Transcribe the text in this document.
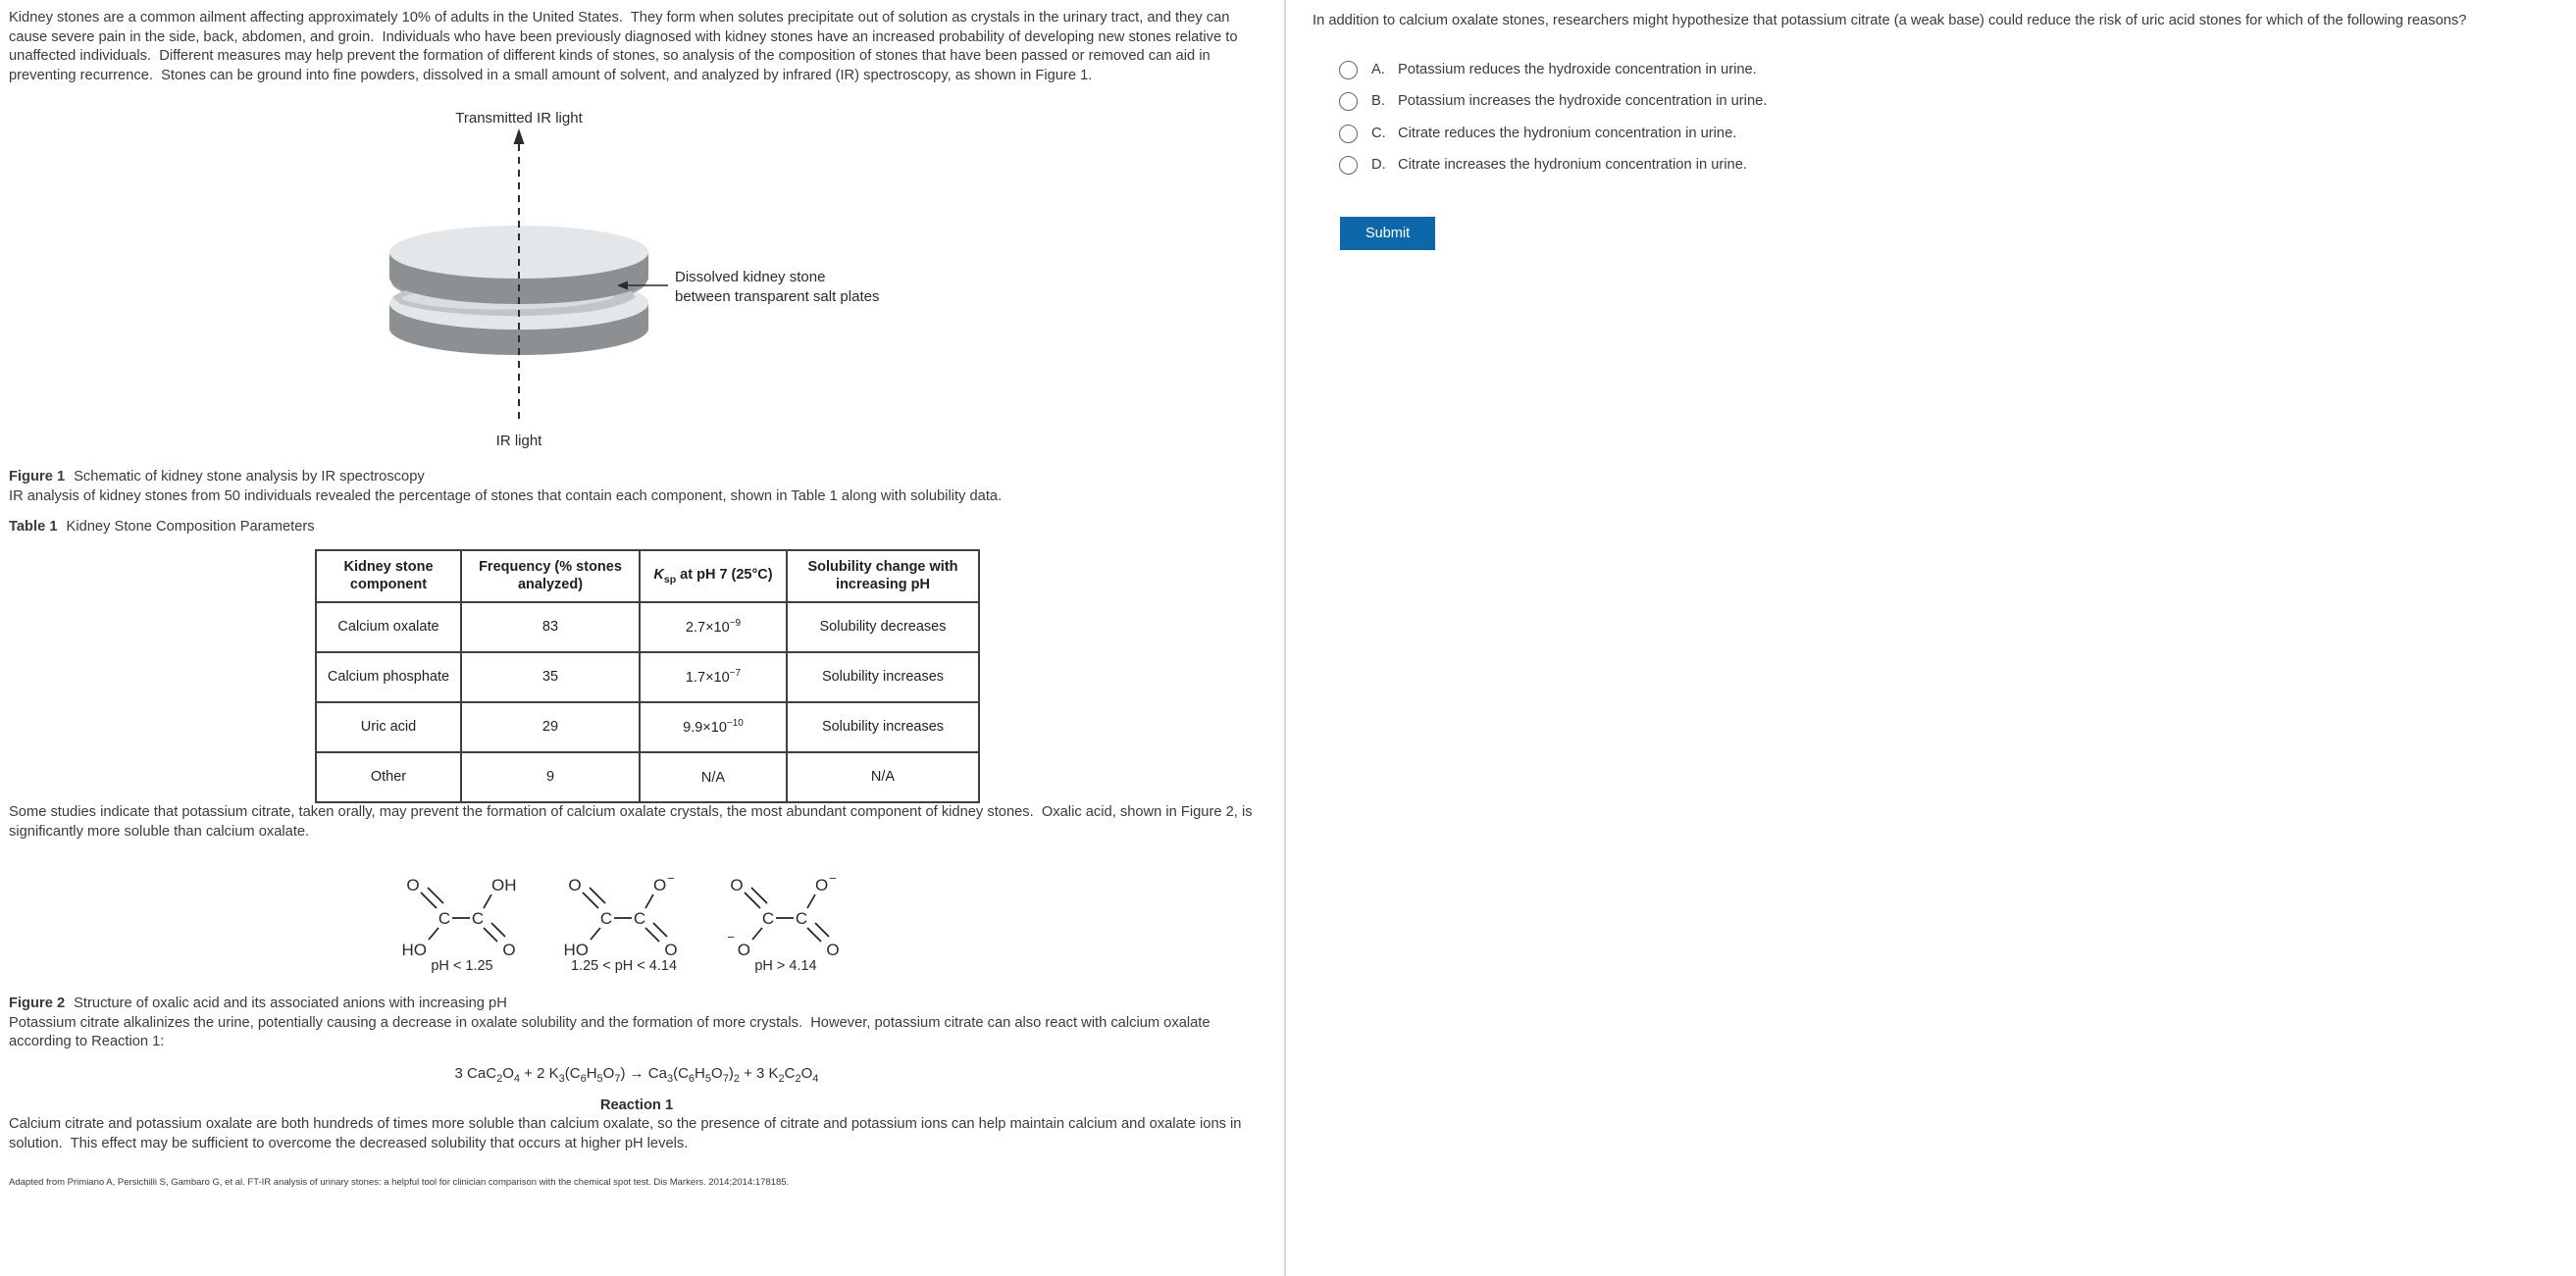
Kidney stones are a common ailment affecting approximately 10% of adults in the United States.  They form when solutes precipitate out of solution as crystals in the urinary tract, and they can cause severe pain in the side, back, abdomen, and groin.  Individuals who have been previously diagnosed with kidney stones have an increased probability of developing new stones relative to unaffected individuals.  Different measures may help prevent the formation of different kinds of stones, so analysis of the composition of stones that have been passed or removed can aid in preventing recurrence.  Stones can be ground into fine powders, dissolved in a small amount of solvent, and analyzed by infrared (IR) spectroscopy, as shown in Figure 1.

Transmitted IR light
Dissolved kidney stone
between transparent salt plates
IR light
Figure 1 Schematic of kidney stone analysis by IR spectroscopy

IR analysis of kidney stones from 50 individuals revealed the percentage of stones that contain each component, shown in Table 1 along with solubility data.

Table 1 Kidney Stone Composition Parameters
Kidney stone component	Frequency (% stones analyzed)	$K_{sp}$ at pH 7 (25°C)	Solubility change with increasing pH
Calcium oxalate	83	$2.7\times 10^{-9}$	Solubility decreases
Calcium phosphate	35	$1.7\times 10^{-7}$	Solubility increases
Uric acid	29	$9.9\times 10^{-10}$	Solubility increases
Other	9	N/A	N/A

Some studies indicate that potassium citrate, taken orally, may prevent the formation of calcium oxalate crystals, the most abundant component of kidney stones.  Oxalic acid, shown in Figure 2, is significantly more soluble than calcium oxalate.

O
C C
OH
HO	O
pH < 1.25
O
C C
O −
HO	O
1.25 < pH < 4.14
O
C C
O −
O
−
O
pH > 4.14
Figure 2 Structure of oxalic acid and its associated anions with increasing pH

Potassium citrate alkalinizes the urine, potentially causing a decrease in oxalate solubility and the formation of more crystals.  However, potassium citrate can also react with calcium oxalate according to Reaction 1:

3 $CaC_2O_4 + 2$ $K_3(C_6H_5O_7) \to Ca_3(C_6H_5O_7)_2 + 3$ $K_2C_2O_4$
Reaction 1

Calcium citrate and potassium oxalate are both hundreds of times more soluble than calcium oxalate, so the presence of citrate and potassium ions can help maintain calcium and oxalate ions in solution.  This effect may be sufficient to overcome the decreased solubility that occurs at higher pH levels.

Adapted from Primiano A, Persichilli S, Gambaro G, et al. FT-IR analysis of urinary stones: a helpful tool for clinician comparison with the chemical spot test. Dis Markers. 2014;2014:178185.

In addition to calcium oxalate stones, researchers might hypothesize that potassium citrate (a weak base) could reduce the risk of uric acid stones for which of the following reasons?

A. Potassium reduces the hydroxide concentration in urine.
B. Potassium increases the hydroxide concentration in urine.
C. Citrate reduces the hydronium concentration in urine.
D. Citrate increases the hydronium concentration in urine.
Submit
